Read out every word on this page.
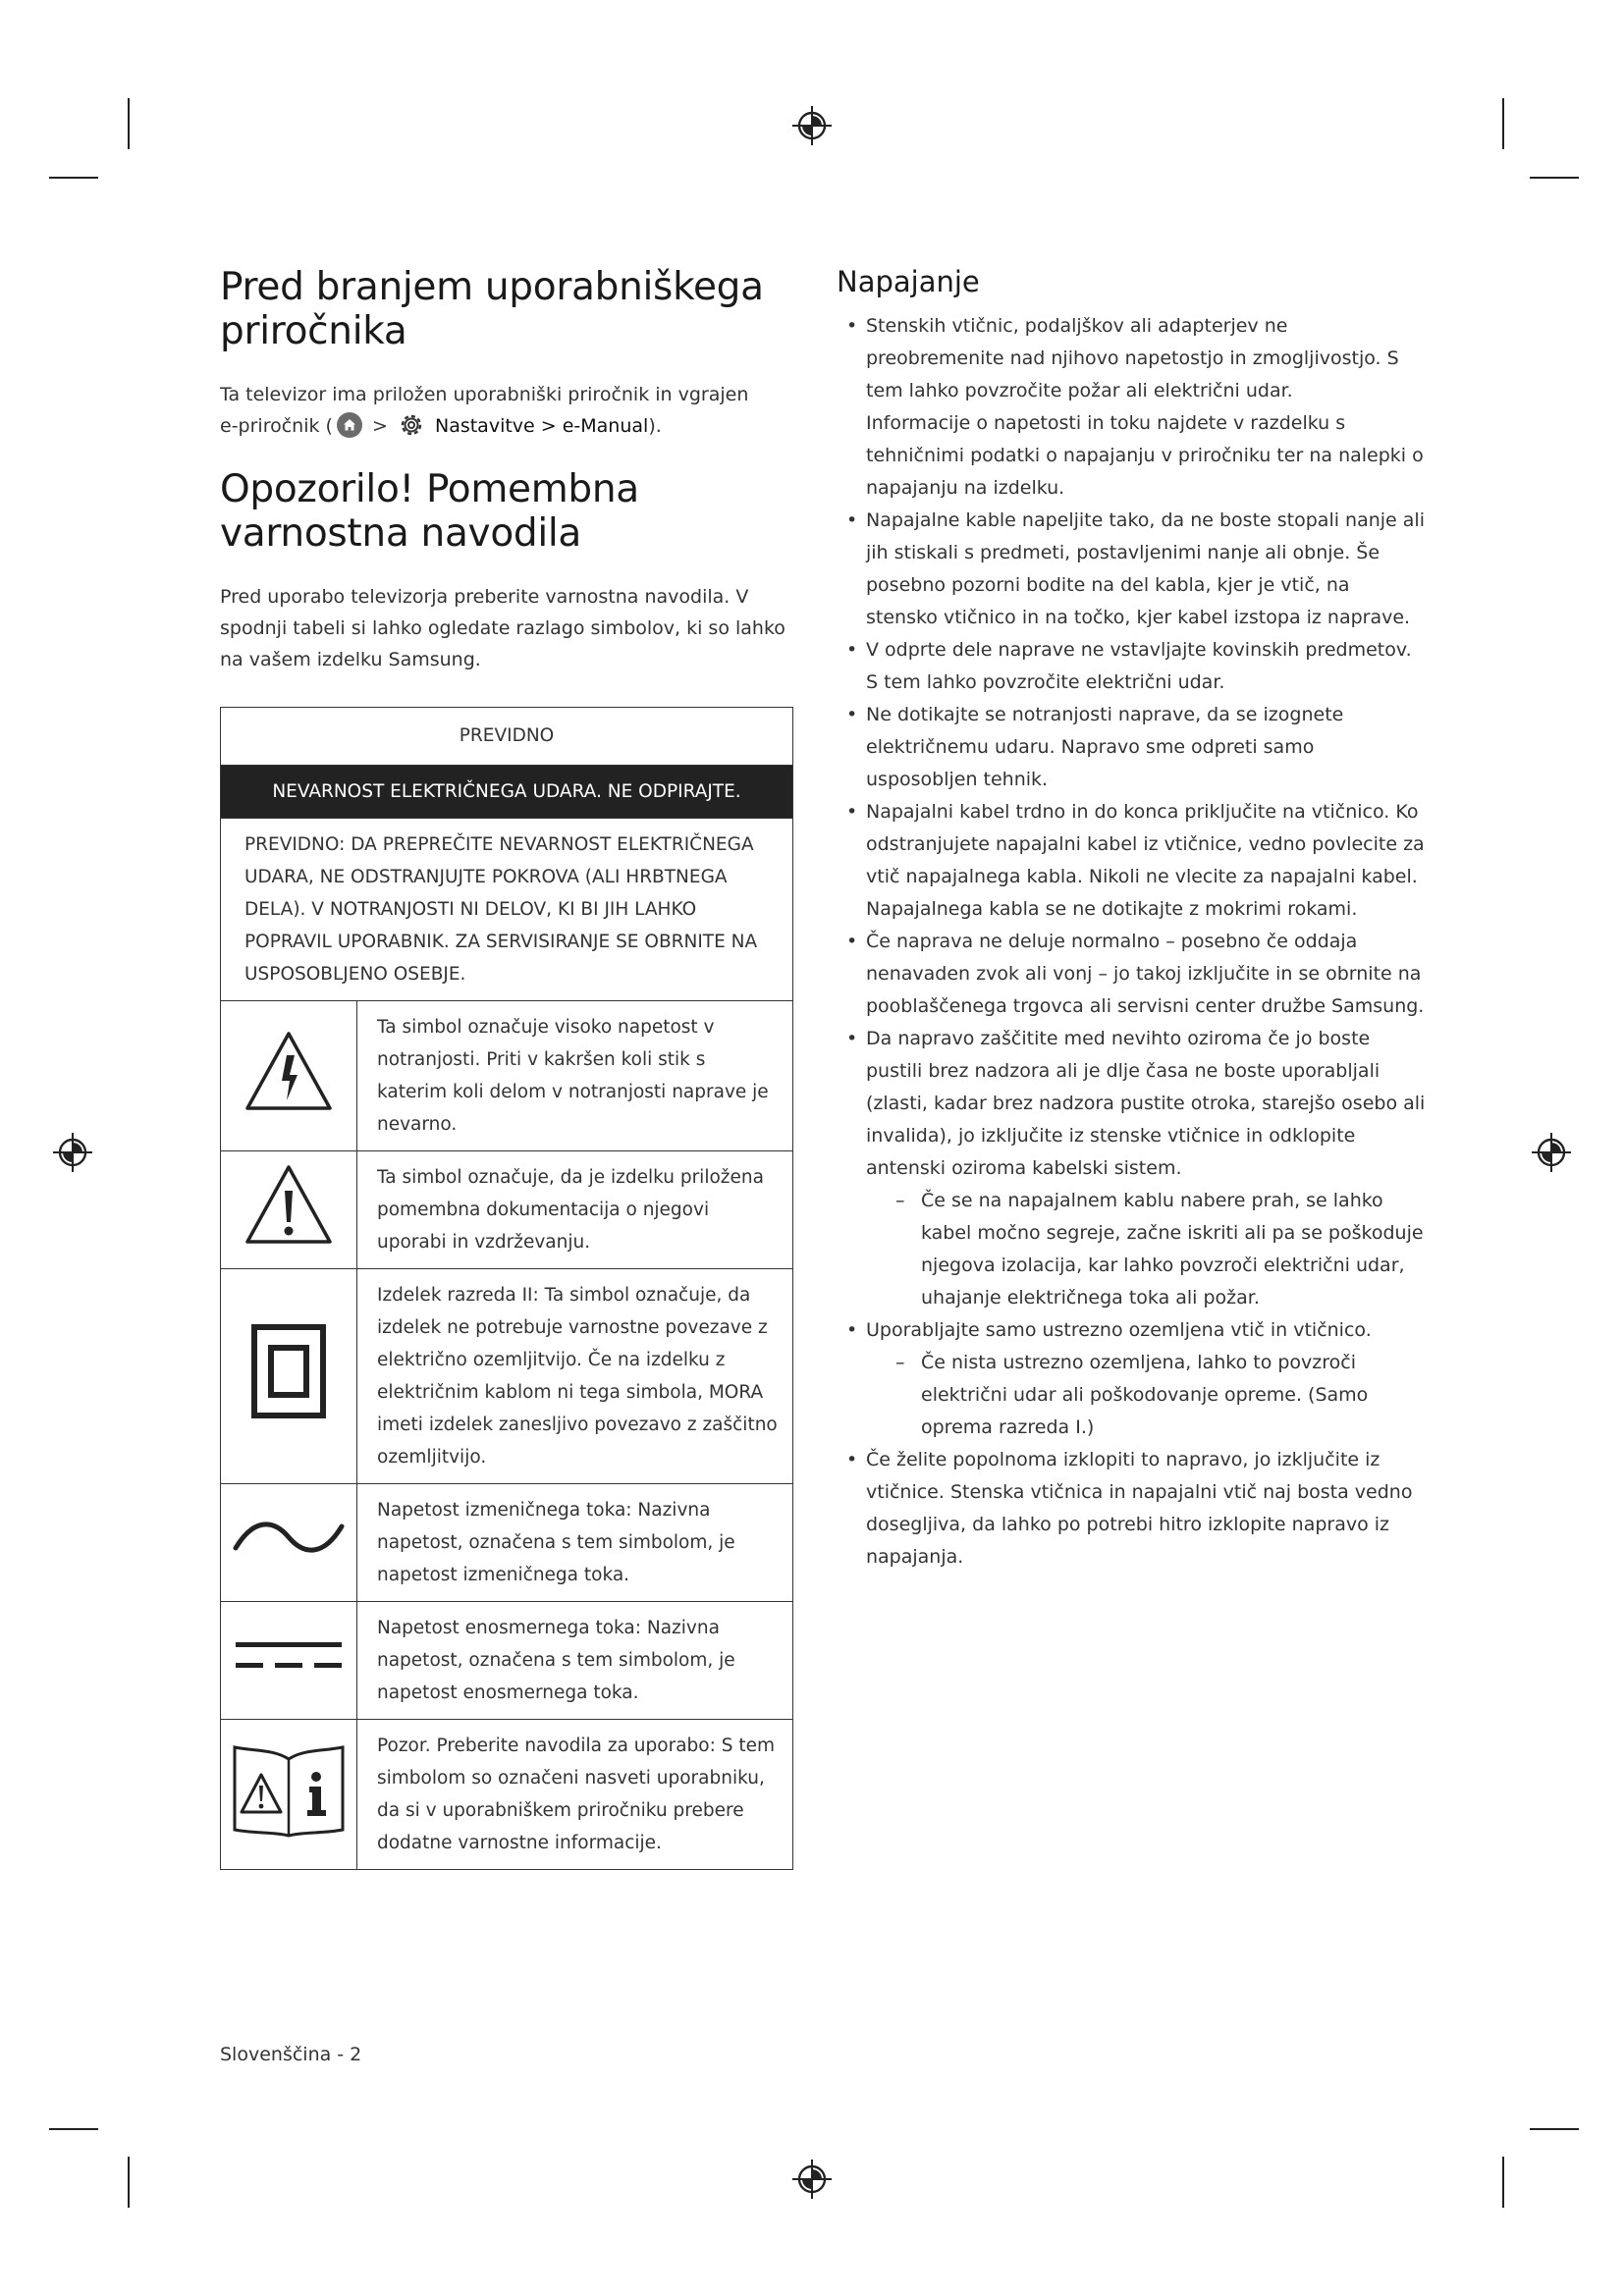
Pred branjem uporabniškega priročnika

Ta televizor ima priložen uporabniški priročnik in vgrajen e-priročnik (
>  Nastavitve > e-Manual).

Opozorilo! Pomembna varnostna navodila

Pred uporabo televizorja preberite varnostna navodila. V spodnji tabeli si lahko ogledate razlago simbolov, ki so lahko na vašem izdelku Samsung.

PREVIDNO	
NEVARNOST ELEKTRIČNEGA UDARA. NE ODPIRAJTE.	
PREVIDNO: DA PREPREČITE NEVARNOST ELEKTRIČNEGA UDARA, NE ODSTRANJUJTE POKROVA (ALI HRBTNEGA DELA). V NOTRANJOSTI NI DELOV, KI BI JIH LAHKO POPRAVIL UPORABNIK. ZA SERVISIRANJE SE OBRNITE NA USPOSOBLJENO OSEBJE.	
	Ta simbol označuje visoko napetost v notranjosti. Priti v kakršen koli stik s katerim koli delom v notranjosti naprave je nevarno.
	Ta simbol označuje, da je izdelku priložena pomembna dokumentacija o njegovi uporabi in vzdrževanju.
	Izdelek razreda II: Ta simbol označuje, da izdelek ne potrebuje varnostne povezave z električno ozemljitvijo. Če na izdelku z električnim kablom ni tega simbola, MORA imeti izdelek zanesljivo povezavo z zaščitno ozemljitvijo.
	Napetost izmeničnega toka: Nazivna napetost, označena s tem simbolom, je napetost izmeničnega toka.
	Napetost enosmernega toka: Nazivna napetost, označena s tem simbolom, je napetost enosmernega toka.
	Pozor. Preberite navodila za uporabo: S tem simbolom so označeni nasveti uporabniku, da si v uporabniškem priročniku prebere dodatne varnostne informacije.
Napajanje

• Stenskih vtičnic, podaljškov ali adapterjev ne preobremenite nad njihovo napetostjo in zmogljivostjo. S tem lahko povzročite požar ali električni udar.

Informacije o napetosti in toku najdete v razdelku s tehničnimi podatki o napajanju v priročniku ter na nalepki o napajanju na izdelku.

• Napajalne kable napeljite tako, da ne boste stopali nanje ali jih stiskali s predmeti, postavljenimi nanje ali obnje. Še posebno pozorni bodite na del kabla, kjer je vtič, na stensko vtičnico in na točko, kjer kabel izstopa iz naprave.

• V odprte dele naprave ne vstavljajte kovinskih predmetov. S tem lahko povzročite električni udar.

• Ne dotikajte se notranjosti naprave, da se izognete električnemu udaru. Napravo sme odpreti samo usposobljen tehnik.

• Napajalni kabel trdno in do konca priključite na vtičnico. Ko odstranjujete napajalni kabel iz vtičnice, vedno povlecite za vtič napajalnega kabla. Nikoli ne vlecite za napajalni kabel. Napajalnega kabla se ne dotikajte z mokrimi rokami.

• Če naprava ne deluje normalno – posebno če oddaja nenavaden zvok ali vonj – jo takoj izključite in se obrnite na pooblaščenega trgovca ali servisni center družbe Samsung.

• Da napravo zaščitite med nevihto oziroma če jo boste pustili brez nadzora ali je dlje časa ne boste uporabljali (zlasti, kadar brez nadzora pustite otroka, starejšo osebo ali invalida), jo izključite iz stenske vtičnice in odklopite antenski oziroma kabelski sistem.

– Če se na napajalnem kablu nabere prah, se lahko kabel močno segreje, začne iskriti ali pa se poškoduje njegova izolacija, kar lahko povzroči električni udar, uhajanje električnega toka ali požar.

• Uporabljajte samo ustrezno ozemljena vtič in vtičnico.

– Če nista ustrezno ozemljena, lahko to povzroči električni udar ali poškodovanje opreme. (Samo oprema razreda I.)

• Če želite popolnoma izklopiti to napravo, jo izključite iz vtičnice. Stenska vtičnica in napajalni vtič naj bosta vedno dosegljiva, da lahko po potrebi hitro izklopite napravo iz napajanja.

Slovenščina - 2
